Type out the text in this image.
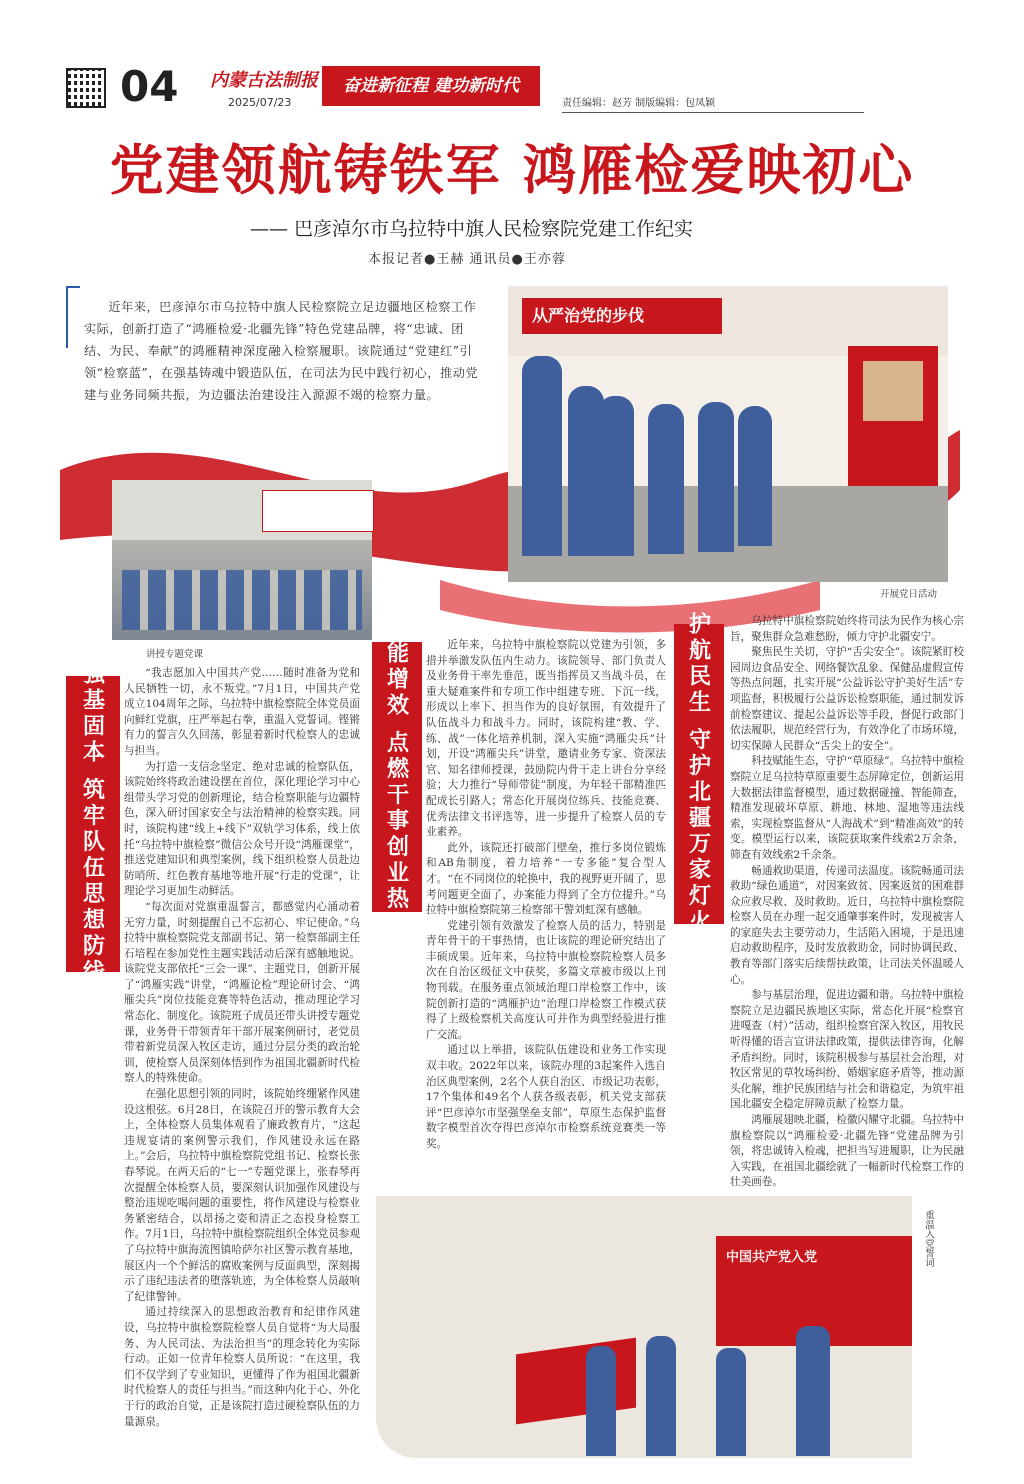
04 内蒙古法制报
2025/07/23
奋进新征程 建功新时代
责任编辑：赵芳 制版编辑：包凤颖
党建领航铸铁军 鸿雁检爱映初心
—— 巴彦淖尔市乌拉特中旗人民检察院党建工作纪实
本报记者●王赫 通讯员●王亦蓉
近年来，巴彦淖尔市乌拉特中旗人民检察院立足边疆地区检察工作实际，创新打造了“鸿雁检爱·北疆先锋”特色党建品牌，将“忠诚、团结、为民、奉献”的鸿雁精神深度融入检察履职。该院通过“党建红”引领“检察蓝”，在强基铸魂中锻造队伍，在司法为民中践行初心，推动党建与业务同频共振，为边疆法治建设注入源源不竭的检察力量。
从严治党的步伐
开展党日活动
讲授专题党课
强基固本 筑牢队伍思想防线	赋能增效 点燃干事创业热情	护航民生 守护北疆万家灯火

“我志愿加入中国共产党……随时准备为党和人民牺牲一切，永不叛党。”7月1日，中国共产党成立104周年之际，乌拉特中旗检察院全体党员面向鲜红党旗，庄严举起右拳，重温入党誓词。铿锵有力的誓言久久回荡，彰显着新时代检察人的忠诚与担当。

为打造一支信念坚定、绝对忠诚的检察队伍，该院始终将政治建设摆在首位，深化理论学习中心组带头学习党的创新理论，结合检察职能与边疆特色，深入研讨国家安全与法治精神的检察实践。同时，该院构建“线上+线下”双轨学习体系，线上依托“乌拉特中旗检察”微信公众号开设“鸿雁课堂”，推送党建知识和典型案例，线下组织检察人员赴边防哨所、红色教育基地等地开展“行走的党课”，让理论学习更加生动鲜活。

“每次面对党旗重温誓言，都感觉内心涌动着无穷力量，时刻提醒自己不忘初心、牢记使命。”乌拉特中旗检察院党支部副书记、第一检察部副主任石培程在参加党性主题实践活动后深有感触地说。该院党支部依托“三会一课”、主题党日，创新开展了“鸿雁实践”讲堂，“鸿雁论检”理论研讨会、“鸿雁尖兵”岗位技能竞赛等特色活动，推动理论学习常态化、制度化。该院班子成员还带头讲授专题党课，业务骨干带领青年干部开展案例研讨，老党员带着新党员深入牧区走访，通过分层分类的政治轮训，使检察人员深刻体悟到作为祖国北疆新时代检察人的特殊使命。

在强化思想引领的同时，该院始终绷紧作风建设这根弦。6月28日，在该院召开的警示教育大会上，全体检察人员集体观看了廉政教育片，“这起违规宴请的案例警示我们，作风建设永远在路上。”会后，乌拉特中旗检察院党组书记、检察长张春琴说。在两天后的“七一”专题党课上，张春琴再次提醒全体检察人员，要深刻认识加强作风建设与整治违规吃喝问题的重要性，将作风建设与检察业务紧密结合，以昂扬之姿和清正之态投身检察工作。7月1日，乌拉特中旗检察院组织全体党员参观了乌拉特中旗海流图镇哈萨尔社区警示教育基地，展区内一个个鲜活的腐败案例与反面典型，深刻揭示了违纪违法者的堕落轨迹，为全体检察人员敲响了纪律警钟。

通过持续深入的思想政治教育和纪律作风建设，乌拉特中旗检察院检察人员自觉将“为大局服务、为人民司法、为法治担当”的理念转化为实际行动。正如一位青年检察人员所说：“在这里，我们不仅学到了专业知识，更懂得了作为祖国北疆新时代检察人的责任与担当。”而这种内化于心、外化于行的政治自觉，正是该院打造过硬检察队伍的力量源泉。

近年来，乌拉特中旗检察院以党建为引领，多措并举激发队伍内生动力。该院领导、部门负责人及业务骨干率先垂范，既当指挥员又当战斗员，在重大疑难案件和专项工作中组建专班、下沉一线，形成以上率下、担当作为的良好氛围，有效提升了队伍战斗力和战斗力。同时，该院构建“教、学、练、战”一体化培养机制，深入实施“鸿雁尖兵”计划，开设“鸿雁尖兵”讲堂，邀请业务专家、资深法官、知名律师授课，鼓励院内骨干走上讲台分享经验；大力推行“导师带徒”制度，为年轻干部精准匹配成长引路人；常态化开展岗位练兵、技能竞赛、优秀法律文书评选等，进一步提升了检察人员的专业素养。

此外，该院还打破部门壁垒，推行多岗位锻炼和AB角制度，着力培养“一专多能”复合型人才。“在不同岗位的轮换中，我的视野更开阔了，思考问题更全面了，办案能力得到了全方位提升。”乌拉特中旗检察院第三检察部干警刘虹深有感触。

党建引领有效激发了检察人员的活力，特别是青年骨干的干事热情，也让该院的理论研究结出了丰硕成果。近年来，乌拉特中旗检察院检察人员多次在自治区级征文中获奖，多篇文章被市级以上刊物刊载。在服务重点领域治理口岸检察工作中，该院创新打造的“鸿雁护边”治理口岸检察工作模式获得了上级检察机关高度认可并作为典型经验进行推广交流。

通过以上举措，该院队伍建设和业务工作实现双丰收。2022年以来，该院办理的3起案件入选自治区典型案例，2名个人获自治区、市级记功表彰，17个集体和49名个人获各级表彰，机关党支部获评“巴彦淖尔市坚强堡垒支部”，草原生态保护监督数字模型首次夺得巴彦淖尔市检察系统竞赛类一等奖。

乌拉特中旗检察院始终将司法为民作为核心宗旨，聚焦群众急难愁盼，倾力守护北疆安宁。

聚焦民生关切，守护“舌尖安全”。该院紧盯校园周边食品安全、网络餐饮乱象、保健品虚假宣传等热点问题，扎实开展“公益诉讼守护美好生活”专项监督，积极履行公益诉讼检察职能，通过制发诉前检察建议、提起公益诉讼等手段，督促行政部门依法履职，规范经营行为，有效净化了市场环境，切实保障人民群众“舌尖上的安全”。

科技赋能生态，守护“草原绿”。乌拉特中旗检察院立足乌拉特草原重要生态屏障定位，创新运用大数据法律监督模型，通过数据碰撞、智能筛查，精准发现破坏草原、耕地、林地、湿地等违法线索，实现检察监督从“人海战术”到“精准高效”的转变。模型运行以来，该院获取案件线索2万余条，筛查有效线索2千余条。

畅通救助渠道，传递司法温度。该院畅通司法救助“绿色通道”，对因案致贫、因案返贫的困难群众应救尽救、及时救助。近日，乌拉特中旗检察院检察人员在办理一起交通肇事案件时，发现被害人的家庭失去主要劳动力，生活陷入困境，于是迅速启动救助程序，及时发放救助金，同时协调民政、教育等部门落实后续帮扶政策，让司法关怀温暖人心。

参与基层治理，促进边疆和谐。乌拉特中旗检察院立足边疆民族地区实际，常态化开展“检察官进嘎查（村）”活动，组织检察官深入牧区，用牧民听得懂的语言宣讲法律政策，提供法律咨询，化解矛盾纠纷。同时，该院积极参与基层社会治理，对牧区常见的草牧场纠纷、婚姻家庭矛盾等，推动源头化解，维护民族团结与社会和谐稳定，为筑牢祖国北疆安全稳定屏障贡献了检察力量。

鸿雁展翅映北疆，检徽闪耀守北疆。乌拉特中旗检察院以“鸿雁检爱·北疆先锋”党建品牌为引领，将忠诚铸入检魂，把担当写进履职，让为民融入实践，在祖国北疆绘就了一幅新时代检察工作的壮美画卷。

中国共产党入党	重温入党誓词
